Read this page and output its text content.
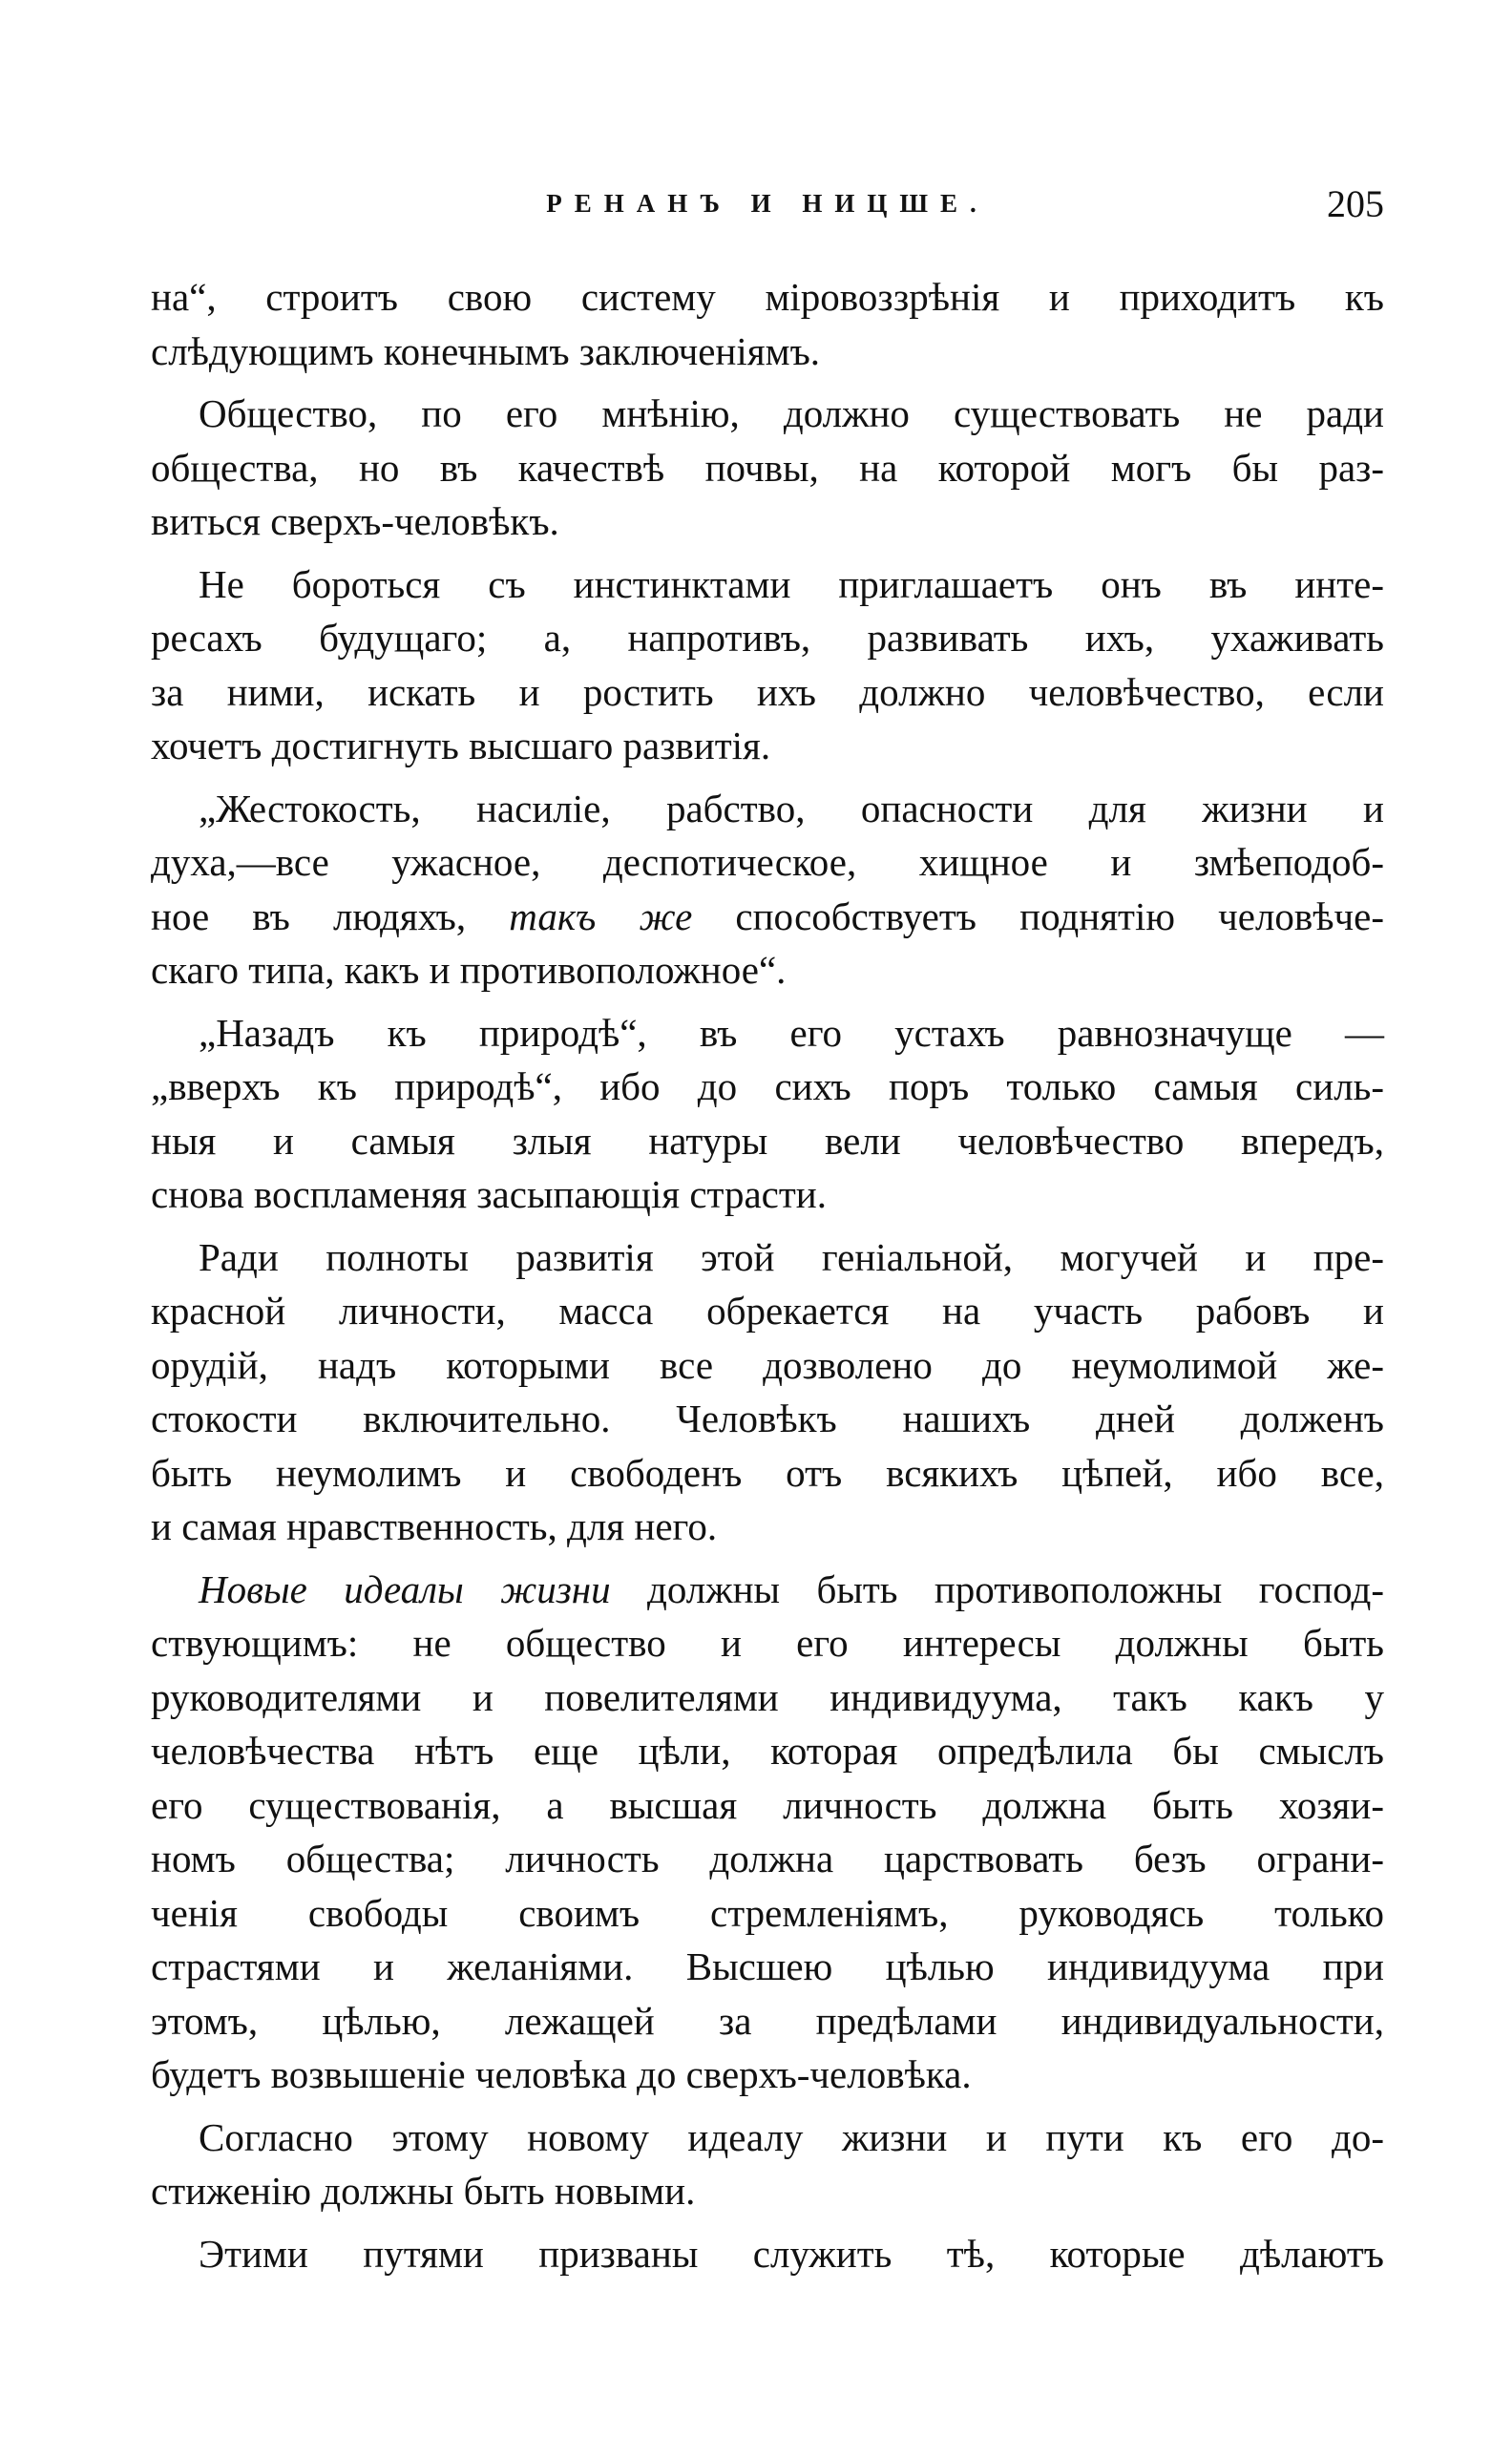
РЕНАНЪ И НИЦШЕ.	205
на“, строитъ свою систему міровоззрѣнія и приходитъ къ
слѣдующимъ конечнымъ заключеніямъ.
Общество, по его мнѣнію, должно существовать не ради
общества, но въ качествѣ почвы, на которой могъ бы раз-
виться сверхъ-человѣкъ.
Не бороться съ инстинктами приглашаетъ онъ въ инте-
ресахъ будущаго; а, напротивъ, развивать ихъ, ухаживать
за ними, искать и ростить ихъ должно человѣчество, если
хочетъ достигнуть высшаго развитія.
„Жестокость, насиліе, рабство, опасности для жизни и
духа,—все ужасное, деспотическое, хищное и змѣеподоб-
ное въ людяхъ, такъ же способствуетъ поднятію человѣче-
скаго типа, какъ и противоположное“.
„Назадъ къ природѣ“, въ его устахъ равнозначуще —
„вверхъ къ природѣ“, ибо до сихъ поръ только самыя силь-
ныя и самыя злыя натуры вели человѣчество впередъ,
снова воспламеняя засыпающія страсти.
Ради полноты развитія этой геніальной, могучей и пре-
красной личности, масса обрекается на участь рабовъ и
орудій, надъ которыми все дозволено до неумолимой же-
стокости включительно. Человѣкъ нашихъ дней долженъ
быть неумолимъ и свободенъ отъ всякихъ цѣпей, ибо все,
и самая нравственность, для него.
Новые идеалы жизни должны быть противоположны господ-
ствующимъ: не общество и его интересы должны быть
руководителями и повелителями индивидуума, такъ какъ у
человѣчества нѣтъ еще цѣли, которая опредѣлила бы смыслъ
его существованія, а высшая личность должна быть хозяи-
номъ общества; личность должна царствовать безъ ограни-
ченія свободы своимъ стремленіямъ, руководясь только
страстями и желаніями. Высшею цѣлью индивидуума при
этомъ, цѣлью, лежащей за предѣлами индивидуальности,
будетъ возвышеніе человѣка до сверхъ-человѣка.
Согласно этому новому идеалу жизни и пути къ его до-
стиженію должны быть новыми.
Этими путями призваны служить тѣ, которые дѣлаютъ
